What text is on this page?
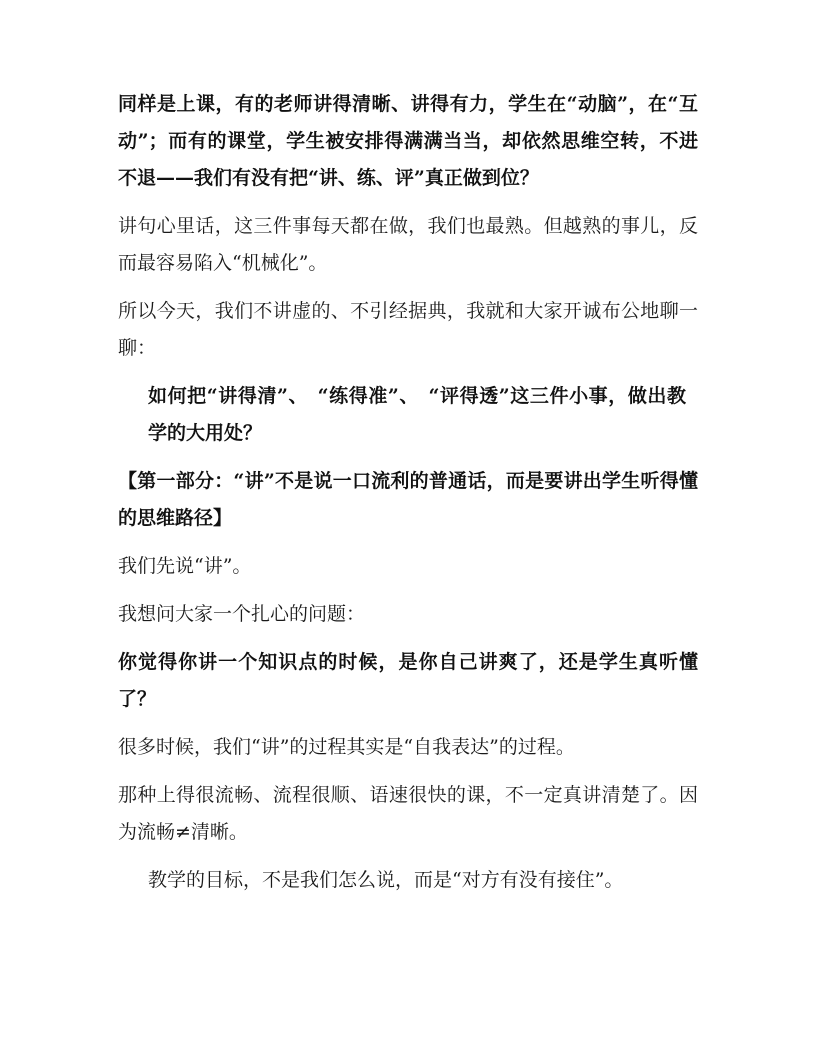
同样是上课，有的老师讲得清晰、讲得有力，学生在“动脑”，在“互动”；而有的课堂，学生被安排得满满当当，却依然思维空转，不进不退——我们有没有把“讲、练、评”真正做到位？

讲句心里话，这三件事每天都在做，我们也最熟。但越熟的事儿，反而最容易陷入“机械化”。

所以今天，我们不讲虚的、不引经据典，我就和大家开诚布公地聊一聊：

如何把“讲得清”、 “练得准”、 “评得透”这三件小事，做出教学的大用处？

【第一部分：“讲”不是说一口流利的普通话，而是要讲出学生听得懂的思维路径】

我们先说“讲”。

我想问大家一个扎心的问题：

你觉得你讲一个知识点的时候，是你自己讲爽了，还是学生真听懂了？

很多时候，我们“讲”的过程其实是“自我表达”的过程。

那种上得很流畅、流程很顺、语速很快的课，不一定真讲清楚了。因为流畅≠清晰。

教学的目标，不是我们怎么说，而是“对方有没有接住”。
